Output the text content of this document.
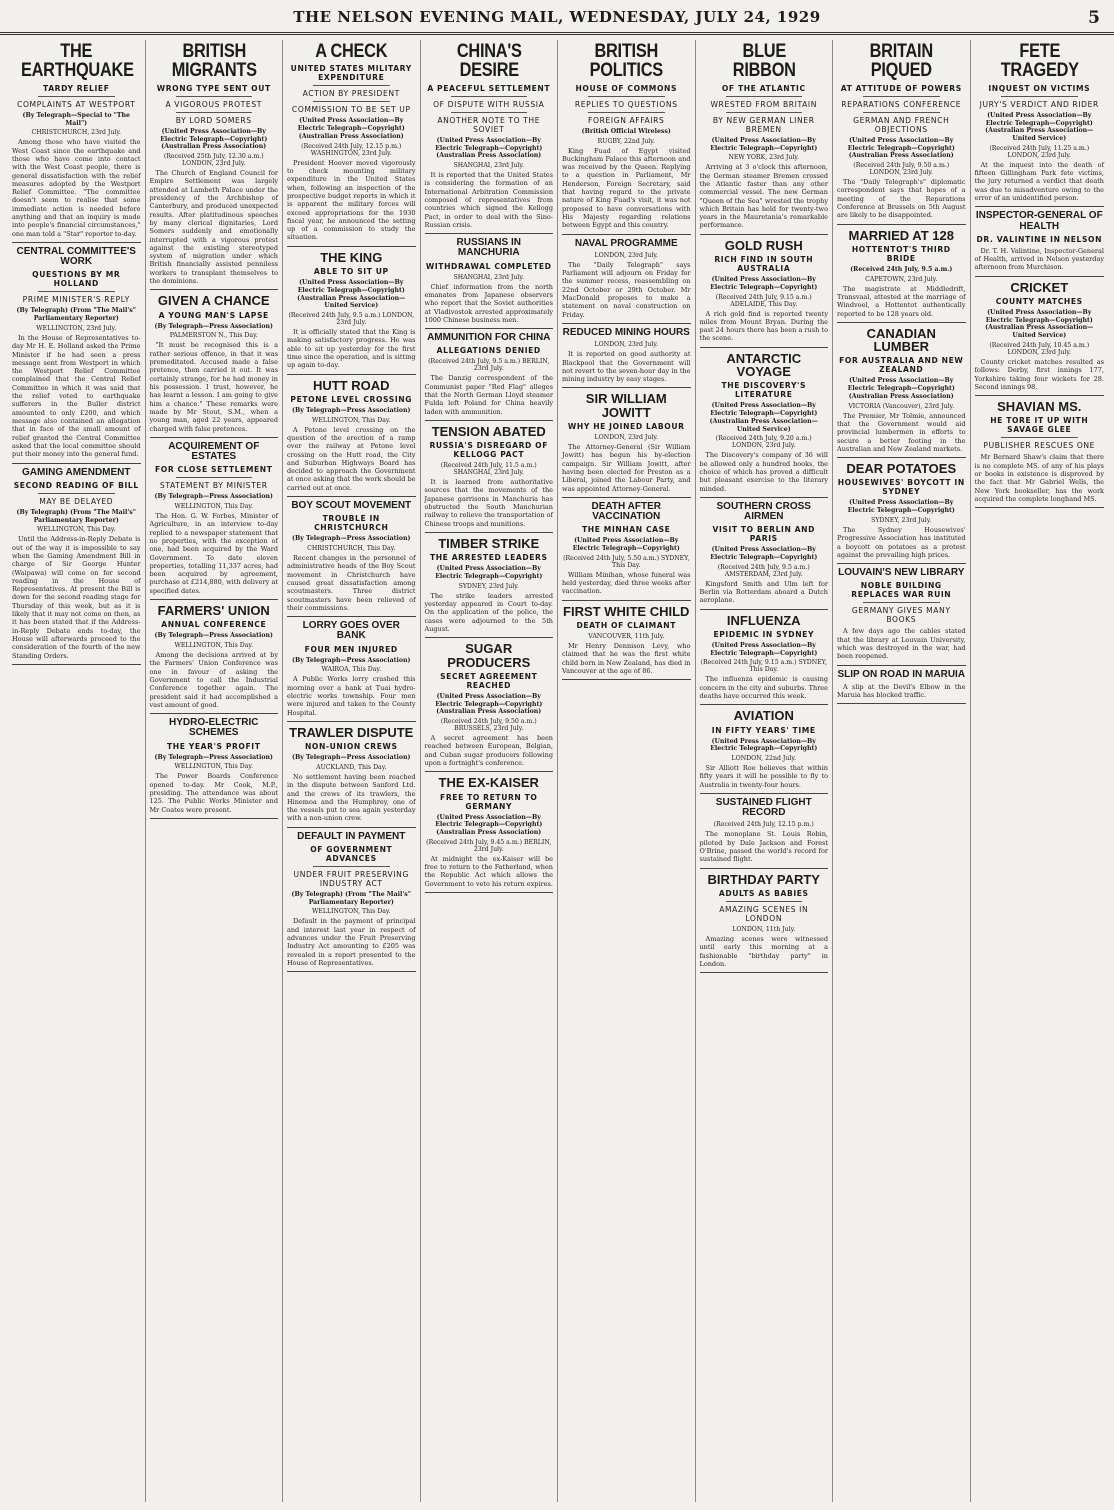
THE NELSON EVENING MAIL, WEDNESDAY, JULY 24, 1929	5
THE EARTHQUAKE
TARDY RELIEF
COMPLAINTS AT WESTPORT
(By Telegraph—Special to "The Mail")
CHRISTCHURCH, 23rd July.

Among those who have visited the West Coast since the earthquake and those who have come into contact with the West Coast people, there is general dissatisfaction with the relief measures adopted by the Westport Relief Committee. "The committee doesn't seem to realise that some immediate action is needed before anything and that an inquiry is made into people's financial circumstances," one man told a "Star" reporter to-day.

CENTRAL COMMITTEE'S WORK
QUESTIONS BY MR HOLLAND
PRIME MINISTER'S REPLY
(By Telegraph) (From "The Mail's" Parliamentary Reporter)
WELLINGTON, 23rd July.

In the House of Representatives to-day Mr H. E. Holland asked the Prime Minister if he had seen a press message sent from Westport in which the Westport Relief Committee complained that the Central Relief Committee in which it was said that the relief voted to earthquake sufferers in the Buller district amounted to only £200, and which message also contained an allegation that in face of the small amount of relief granted the Central Committee asked that the local committee should put their money into the general fund.

GAMING AMENDMENT
SECOND READING OF BILL
MAY BE DELAYED
(By Telegraph) (From "The Mail's" Parliamentary Reporter)
WELLINGTON, This Day.

Until the Address-in-Reply Debate is out of the way it is impossible to say when the Gaming Amendment Bill in charge of Sir George Hunter (Waipawa) will come on for second reading in the House of Representatives. At present the Bill is down for the second reading stage for Thursday of this week, but as it is likely that it may not come on then, as it has been stated that if the Address-in-Reply Debate ends to-day, the House will afterwards proceed to the consideration of the fourth of the new Standing Orders.

BRITISH MIGRANTS
WRONG TYPE SENT OUT
A VIGOROUS PROTEST
BY LORD SOMERS
(United Press Association—By Electric Telegraph—Copyright) (Australian Press Association)
(Received 25th July, 12.30 a.m.) LONDON, 23rd July.

The Church of England Council for Empire Settlement was largely attended at Lambeth Palace under the presidency of the Archbishop of Canterbury, and produced unexpected results. After platitudinous speeches by many clerical dignitaries, Lord Somers suddenly and emotionally interrupted with a vigorous protest against the existing stereotyped system of migration under which British financially assisted penniless workers to transplant themselves to the dominions.

GIVEN A CHANCE
A YOUNG MAN'S LAPSE
(By Telegraph—Press Association)
PALMERSTON N., This Day.

"It must be recognised this is a rather serious offence, in that it was premeditated. Accused made a false pretence, then carried it out. It was certainly strange, for he had money in his possession. I trust, however, he has learnt a lesson. I am going to give him a chance." These remarks were made by Mr Stout, S.M., when a young man, aged 22 years, appeared charged with false pretences.

ACQUIREMENT OF ESTATES
FOR CLOSE SETTLEMENT
STATEMENT BY MINISTER
(By Telegraph—Press Association)
WELLINGTON, This Day.

The Hon. G. W. Forbes, Minister of Agriculture, in an interview to-day replied to a newspaper statement that no properties, with the exception of one, had been acquired by the Ward Government. To date eleven properties, totalling 11,337 acres, had been acquired by agreement, purchase at £214,880, with delivery at specified dates.

FARMERS' UNION
ANNUAL CONFERENCE
(By Telegraph—Press Association)
WELLINGTON, This Day.

Among the decisions arrived at by the Farmers' Union Conference was one in favour of asking the Government to call the Industrial Conference together again. The president said it had accomplished a vast amount of good.

HYDRO-ELECTRIC SCHEMES
THE YEAR'S PROFIT
(By Telegraph—Press Association)
WELLINGTON, This Day.

The Power Boards Conference opened to-day. Mr Cook, M.P., presiding. The attendance was about 125. The Public Works Minister and Mr Coates were present.

A CHECK
UNITED STATES MILITARY EXPENDITURE
ACTION BY PRESIDENT
COMMISSION TO BE SET UP
(United Press Association—By Electric Telegraph—Copyright) (Australian Press Association)
(Received 24th July, 12.15 p.m.) WASHINGTON, 23rd July.

President Hoover moved vigorously to check mounting military expenditure in the United States when, following an inspection of the prospective budget reports in which it is apparent the military forces will exceed appropriations for the 1930 fiscal year, he announced the setting up of a commission to study the situation.

THE KING
ABLE TO SIT UP
(United Press Association—By Electric Telegraph—Copyright) (Australian Press Association—United Service)
(Received 24th July, 9.5 a.m.) LONDON, 23rd July.

It is officially stated that the King is making satisfactory progress. He was able to sit up yesterday for the first time since the operation, and is sitting up again to-day.

HUTT ROAD
PETONE LEVEL CROSSING
(By Telegraph—Press Association)
WELLINGTON, This Day.

A Petone level crossing on the question of the erection of a ramp over the railway at Petone level crossing on the Hutt road, the City and Suburban Highways Board has decided to approach the Government at once asking that the work should be carried out at once.

BOY SCOUT MOVEMENT
TROUBLE IN CHRISTCHURCH
(By Telegraph—Press Association)
CHRISTCHURCH, This Day.

Recent changes in the personnel of administrative heads of the Boy Scout movement in Christchurch have caused great dissatisfaction among scoutmasters. Three district scoutmasters have been relieved of their commissions.

LORRY GOES OVER BANK
FOUR MEN INJURED
(By Telegraph—Press Association)
WAIROA, This Day.

A Public Works lorry crashed this morning over a bank at Tuai hydro-electric works township. Four men were injured and taken to the County Hospital.

TRAWLER DISPUTE
NON-UNION CREWS
(By Telegraph—Press Association)
AUCKLAND, This Day.

No settlement having been reached in the dispute between Sanford Ltd. and the crews of its trawlers, the Hinemoa and the Humphrey, one of the vessels put to sea again yesterday with a non-union crew.

DEFAULT IN PAYMENT
OF GOVERNMENT ADVANCES
UNDER FRUIT PRESERVING INDUSTRY ACT
(By Telegraph) (From "The Mail's" Parliamentary Reporter)
WELLINGTON, This Day.

Default in the payment of principal and interest last year in respect of advances under the Fruit Preserving Industry Act amounting to £205 was revealed in a report presented to the House of Representatives.

CHINA'S DESIRE
A PEACEFUL SETTLEMENT
OF DISPUTE WITH RUSSIA
ANOTHER NOTE TO THE SOVIET
(United Press Association—By Electric Telegraph—Copyright) (Australian Press Association)
SHANGHAI, 23rd July.

It is reported that the United States is considering the formation of an International Arbitration Commission composed of representatives from countries which signed the Kellogg Pact, in order to deal with the Sino-Russian crisis.

RUSSIANS IN MANCHURIA
WITHDRAWAL COMPLETED
SHANGHAI, 23rd July.

Chief information from the north emanates from Japanese observers who report that the Soviet authorities at Vladivostok arrested approximately 1000 Chinese business men.

AMMUNITION FOR CHINA
ALLEGATIONS DENIED
(Received 24th July, 9.5 a.m.) BERLIN, 23rd July.

The Danzig correspondent of the Communist paper "Red Flag" alleges that the North German Lloyd steamer Fulda left Poland for China heavily laden with ammunition.

TENSION ABATED
RUSSIA'S DISREGARD OF KELLOGG PACT
(Received 24th July, 11.5 a.m.) SHANGHAI, 23rd July.

It is learned from authoritative sources that the movements of the Japanese garrisons in Manchuria has obstructed the South Manchurian railway to relieve the transportation of Chinese troops and munitions.

TIMBER STRIKE
THE ARRESTED LEADERS
(United Press Association—By Electric Telegraph—Copyright)
SYDNEY, 23rd July.

The strike leaders arrested yesterday appeared in Court to-day. On the application of the police, the cases were adjourned to the 5th August.

SUGAR PRODUCERS
SECRET AGREEMENT REACHED
(United Press Association—By Electric Telegraph—Copyright) (Australian Press Association)
(Received 24th July, 9.50 a.m.) BRUSSELS, 23rd July.

A secret agreement has been reached between European, Belgian, and Cuban sugar producers following upon a fortnight's conference.

THE EX-KAISER
FREE TO RETURN TO GERMANY
(United Press Association—By Electric Telegraph—Copyright) (Australian Press Association)
(Received 24th July, 9.45 a.m.) BERLIN, 23rd July.

At midnight the ex-Kaiser will be free to return to the Fatherland, when the Republic Act which allows the Government to veto his return expires.

BRITISH POLITICS
HOUSE OF COMMONS
REPLIES TO QUESTIONS
FOREIGN AFFAIRS
(British Official Wireless)
RUGBY, 22nd July.

King Fuad of Egypt visited Buckingham Palace this afternoon and was received by the Queen. Replying to a question in Parliament, Mr Henderson, Foreign Secretary, said that having regard to the private nature of King Fuad's visit, it was not proposed to have conversations with His Majesty regarding relations between Egypt and this country.

NAVAL PROGRAMME
LONDON, 23rd July.

The "Daily Telegraph" says Parliament will adjourn on Friday for the summer recess, reassembling on 22nd October or 29th October. Mr MacDonald proposes to make a statement on naval construction on Friday.

REDUCED MINING HOURS
LONDON, 23rd July.

It is reported on good authority at Blackpool that the Government will not revert to the seven-hour day in the mining industry by easy stages.

SIR WILLIAM JOWITT
WHY HE JOINED LABOUR
LONDON, 23rd July.

The Attorney-General (Sir William Jowitt) has begun his by-election campaign. Sir William Jowitt, after having been elected for Preston as a Liberal, joined the Labour Party, and was appointed Attorney-General.

DEATH AFTER VACCINATION
THE MINHAN CASE
(United Press Association—By Electric Telegraph—Copyright)
(Received 24th July, 5.50 a.m.) SYDNEY, This Day.

William Minihan, whose funeral was held yesterday, died three weeks after vaccination.

FIRST WHITE CHILD
DEATH OF CLAIMANT
VANCOUVER, 11th July.

Mr Henry Dennison Levy, who claimed that he was the first white child born in New Zealand, has died in Vancouver at the age of 86.

BLUE RIBBON
OF THE ATLANTIC
WRESTED FROM BRITAIN
BY NEW GERMAN LINER BREMEN
(United Press Association—By Electric Telegraph—Copyright)
NEW YORK, 23rd July.

Arriving at 3 o'clock this afternoon, the German steamer Bremen crossed the Atlantic faster than any other commercial vessel. The new German "Queen of the Sea" wrested the trophy which Britain has held for twenty-two years in the Mauretania's remarkable performance.

GOLD RUSH
RICH FIND IN SOUTH AUSTRALIA
(United Press Association—By Electric Telegraph—Copyright)
(Received 24th July, 9.15 a.m.) ADELAIDE, This Day.

A rich gold find is reported twenty miles from Mount Bryan. During the past 24 hours there has been a rush to the scene.

ANTARCTIC VOYAGE
THE DISCOVERY'S LITERATURE
(United Press Association—By Electric Telegraph—Copyright) (Australian Press Association—United Service)
(Received 24th July, 9.20 a.m.) LONDON, 23rd July.

The Discovery's company of 36 will be allowed only a hundred books, the choice of which has proved a difficult but pleasant exercise to the literary minded.

SOUTHERN CROSS AIRMEN
VISIT TO BERLIN AND PARIS
(United Press Association—By Electric Telegraph—Copyright)
(Received 24th July, 9.5 a.m.) AMSTERDAM, 23rd July.

Kingsford Smith and Ulm left for Berlin via Rotterdam aboard a Dutch aeroplane.

INFLUENZA
EPIDEMIC IN SYDNEY
(United Press Association—By Electric Telegraph—Copyright)
(Received 24th July, 9.15 a.m.) SYDNEY, This Day.

The influenza epidemic is causing concern in the city and suburbs. Three deaths have occurred this week.

AVIATION
IN FIFTY YEARS' TIME
(United Press Association—By Electric Telegraph—Copyright)
LONDON, 22nd July.

Sir Alliott Roe believes that within fifty years it will be possible to fly to Australia in twenty-four hours.

SUSTAINED FLIGHT RECORD
(Received 24th July, 12.15 p.m.)

The monoplane St. Louis Robin, piloted by Dale Jackson and Forest O'Brine, passed the world's record for sustained flight.

BIRTHDAY PARTY
ADULTS AS BABIES
AMAZING SCENES IN LONDON
LONDON, 11th July.

Amazing scenes were witnessed until early this morning at a fashionable "birthday party" in London.

BRITAIN PIQUED
AT ATTITUDE OF POWERS
REPARATIONS CONFERENCE
GERMAN AND FRENCH OBJECTIONS
(United Press Association—By Electric Telegraph—Copyright) (Australian Press Association)
(Received 24th July, 9.50 a.m.) LONDON, 23rd July.

The "Daily Telegraph's" diplomatic correspondent says that hopes of a meeting of the Reparations Conference at Brussels on 5th August are likely to be disappointed.

MARRIED AT 128
HOTTENTOT'S THIRD BRIDE
(Received 24th July, 9.5 a.m.)
CAPETOWN, 23rd July.

The magistrate at Middledrift, Transvaal, attested at the marriage of Windvoel, a Hottentot authentically reported to be 128 years old.

CANADIAN LUMBER
FOR AUSTRALIA AND NEW ZEALAND
(United Press Association—By Electric Telegraph—Copyright) (Australian Press Association)
VICTORIA (Vancouver), 23rd July.

The Premier, Mr Tolmie, announced that the Government would aid provincial lumbermen in efforts to secure a better footing in the Australian and New Zealand markets.

DEAR POTATOES
HOUSEWIVES' BOYCOTT IN SYDNEY
(United Press Association—By Electric Telegraph—Copyright)
SYDNEY, 23rd July.

The Sydney Housewives' Progressive Association has instituted a boycott on potatoes as a protest against the prevailing high prices.

LOUVAIN'S NEW LIBRARY
NOBLE BUILDING REPLACES WAR RUIN
GERMANY GIVES MANY BOOKS

A few days ago the cables stated that the library at Louvain University, which was destroyed in the war, had been reopened.

SLIP ON ROAD IN MARUIA

A slip at the Devil's Elbow in the Maruia has blocked traffic.

FETE TRAGEDY
INQUEST ON VICTIMS
JURY'S VERDICT AND RIDER
(United Press Association—By Electric Telegraph—Copyright) (Australian Press Association—United Service)
(Received 24th July, 11.25 a.m.) LONDON, 23rd July.

At the inquest into the death of fifteen Gillingham Park fete victims, the jury returned a verdict that death was due to misadventure owing to the error of an unidentified person.

INSPECTOR-GENERAL OF HEALTH
DR. VALINTINE IN NELSON

Dr. T. H. Valintine, Inspector-General of Health, arrived in Nelson yesterday afternoon from Murchison.

CRICKET
COUNTY MATCHES
(United Press Association—By Electric Telegraph—Copyright) (Australian Press Association—United Service)
(Received 24th July, 10.45 a.m.) LONDON, 23rd July.

County cricket matches resulted as follows: Derby, first innings 177, Yorkshire taking four wickets for 28. Second innings 98.

SHAVIAN MS.
HE TORE IT UP WITH SAVAGE GLEE
PUBLISHER RESCUES ONE

Mr Bernard Shaw's claim that there is no complete MS. of any of his plays or books in existence is disproved by the fact that Mr Gabriel Wells, the New York bookseller, has the work acquired the complete longhand MS.
